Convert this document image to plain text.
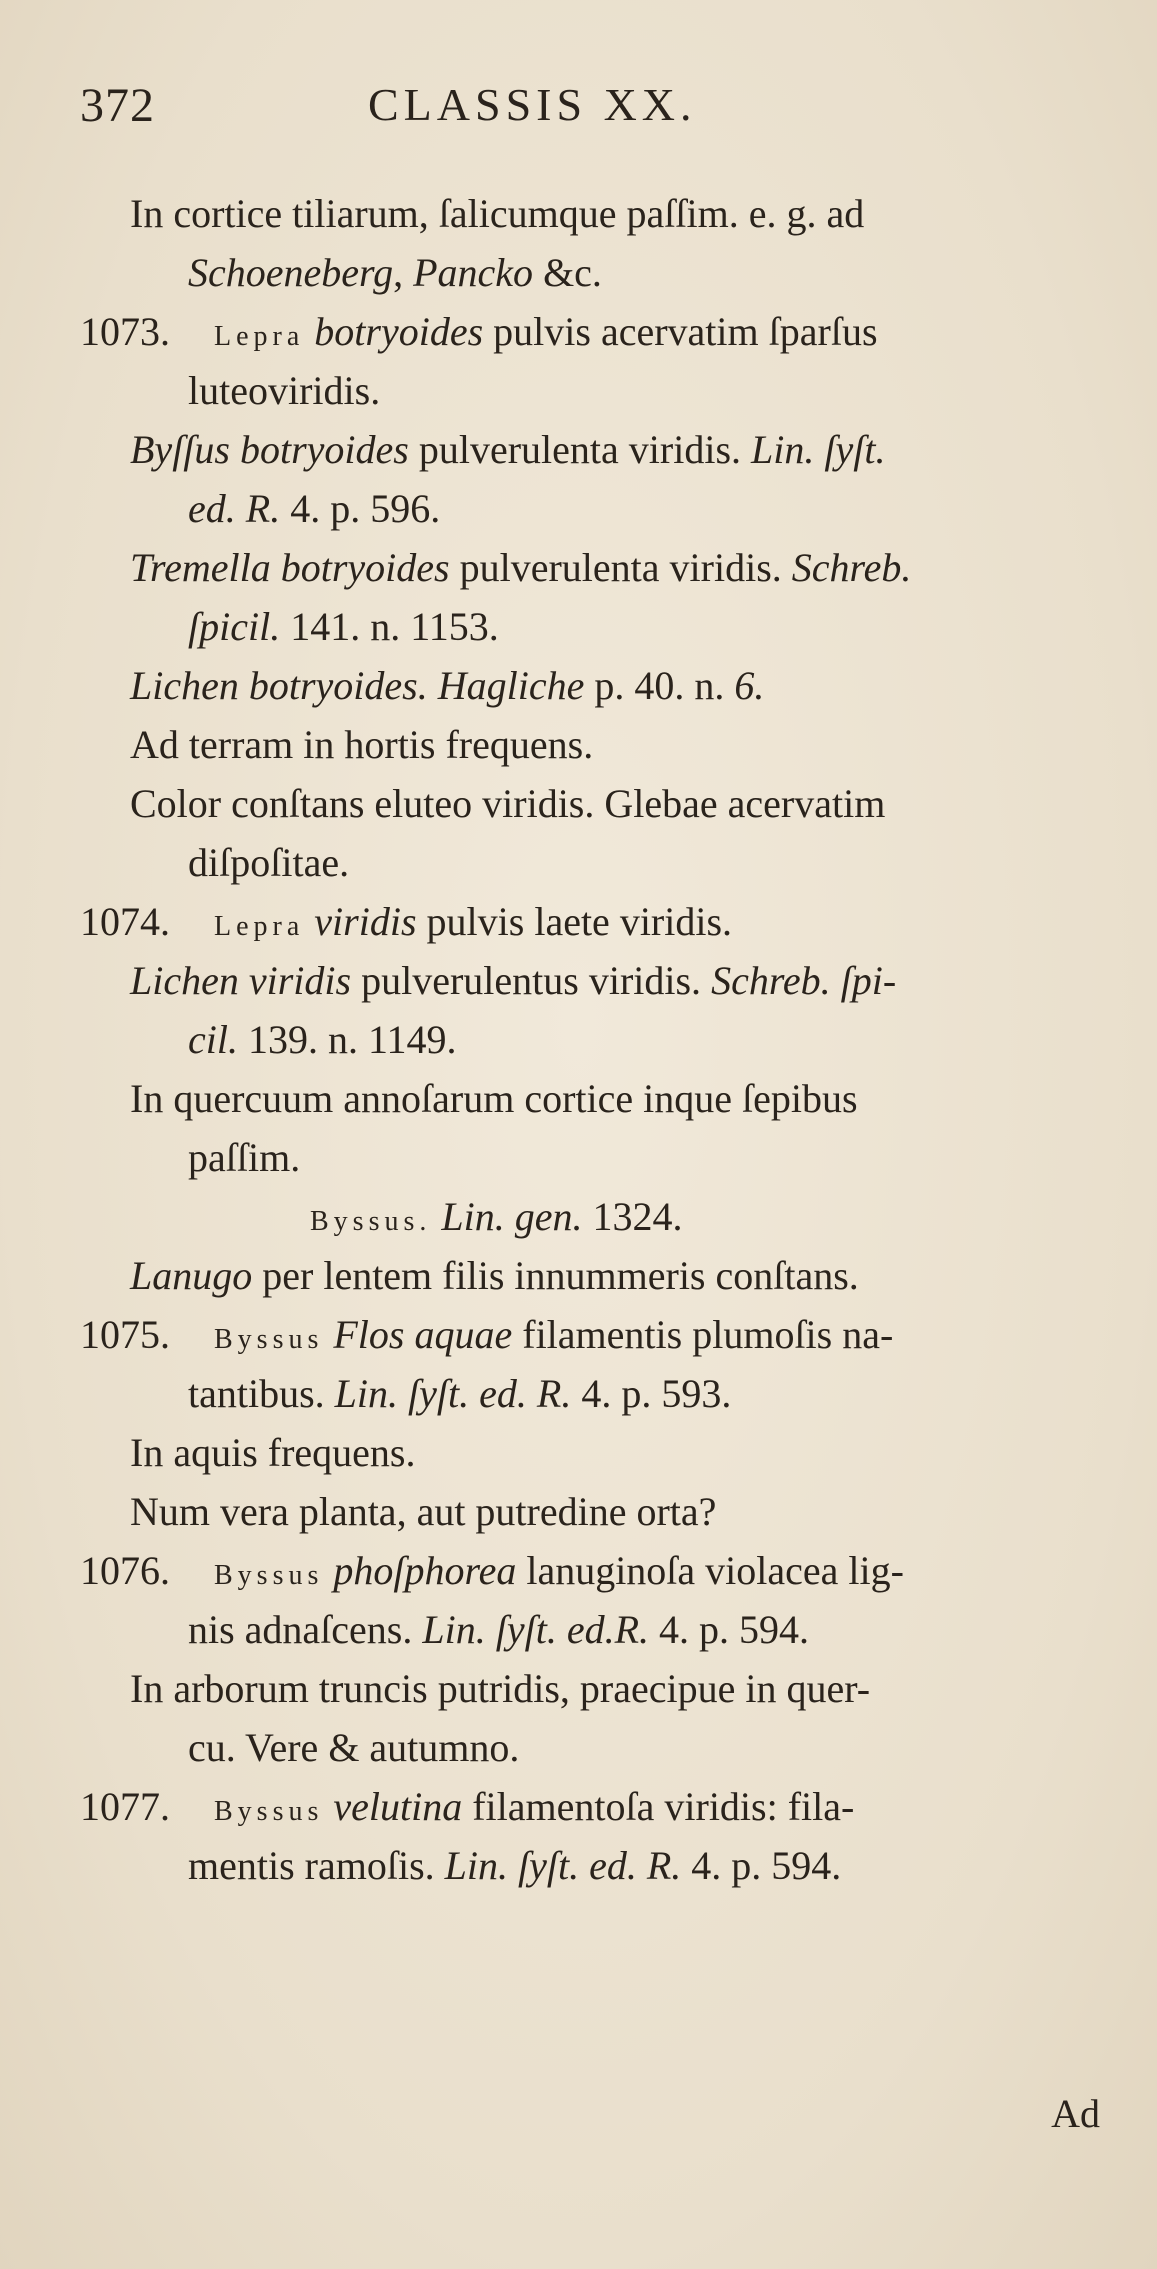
372	CLASSIS XX.
In cortice tiliarum, ſalicumque paſſim. e. g. ad
Schoeneberg, Pancko &c.
1073. Lepra botryoides pulvis acervatim ſparſus
luteoviridis.
Byſſus botryoides pulverulenta viridis. Lin. ſyſt.
ed. R. 4. p. 596.
Tremella botryoides pulverulenta viridis. Schreb.
ſpicil. 141. n. 1153.
Lichen botryoides. Hagliche p. 40. n. 6.
Ad terram in hortis frequens.
Color conſtans eluteo viridis. Glebae acervatim
diſpoſitae.
1074. Lepra viridis pulvis laete viridis.
Lichen viridis pulverulentus viridis. Schreb. ſpi-
cil. 139. n. 1149.
In quercuum annoſarum cortice inque ſepibus
paſſim.
Byssus. Lin. gen. 1324.
Lanugo per lentem filis innummeris conſtans.
1075. Byssus Flos aquae filamentis plumoſis na-
tantibus. Lin. ſyſt. ed. R. 4. p. 593.
In aquis frequens.
Num vera planta, aut putredine orta?
1076. Byssus phoſphorea lanuginoſa violacea lig-
nis adnaſcens. Lin. ſyſt. ed.R. 4. p. 594.
In arborum truncis putridis, praecipue in quer-
cu. Vere & autumno.
1077. Byssus velutina filamentoſa viridis: fila-
mentis ramoſis. Lin. ſyſt. ed. R. 4. p. 594.
Ad
